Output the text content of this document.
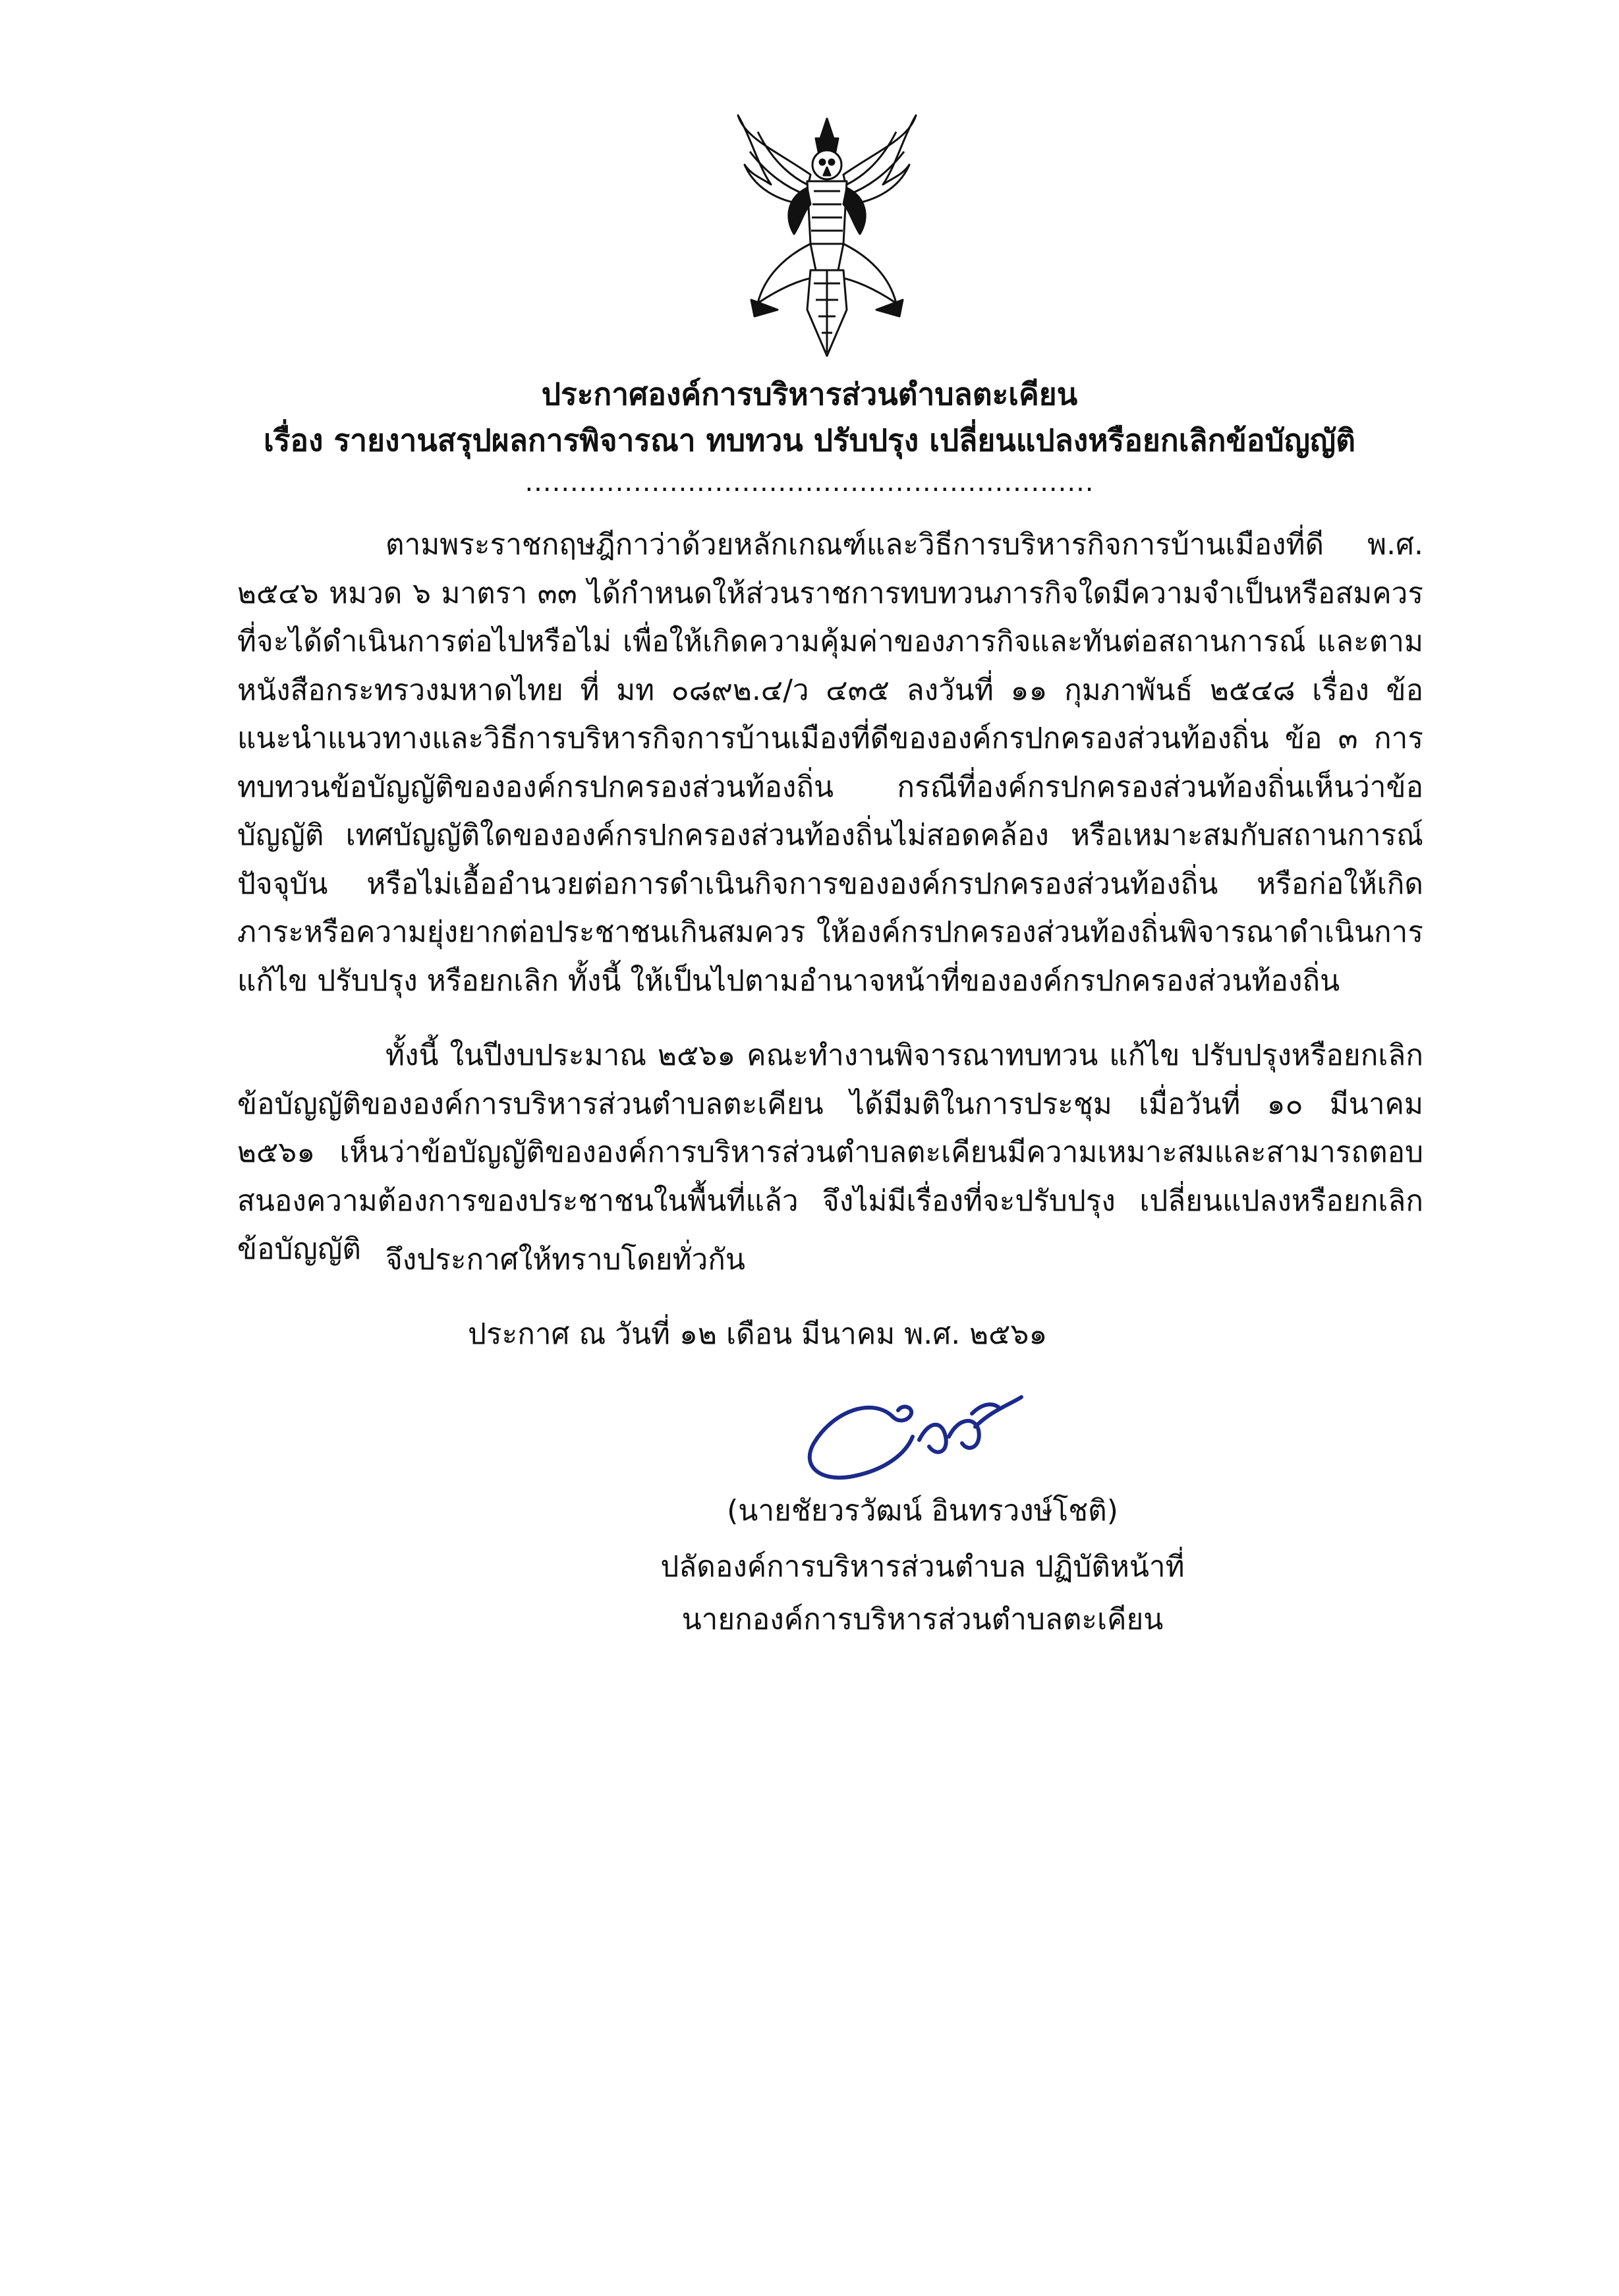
ประกาศองค์การบริหารส่วนตำบลตะเคียน
เรื่อง รายงานสรุปผลการพิจารณา ทบทวน ปรับปรุง เปลี่ยนแปลงหรือยกเลิกข้อบัญญัติ
...............................................................
ตามพระราชกฤษฎีกาว่าด้วยหลักเกณฑ์และวิธีการบริหารกิจการบ้านเมืองที่ดี พ.ศ. ๒๕๔๖ หมวด ๖ มาตรา ๓๓ ได้กำหนดให้ส่วนราชการทบทวนภารกิจใดมีความจำเป็นหรือสมควรที่จะได้ดำเนินการต่อไปหรือไม่ เพื่อให้เกิดความคุ้มค่าของภารกิจและทันต่อสถานการณ์ และตามหนังสือกระทรวงมหาดไทย ที่ มท ๐๘๙๒.๔/ว ๔๓๕ ลงวันที่ ๑๑ กุมภาพันธ์ ๒๕๔๘ เรื่อง ข้อแนะนำแนวทางและวิธีการบริหารกิจการบ้านเมืองที่ดีขององค์กรปกครองส่วนท้องถิ่น ข้อ ๓ การทบทวนข้อบัญญัติขององค์กรปกครองส่วนท้องถิ่น กรณีที่องค์กรปกครองส่วนท้องถิ่นเห็นว่าข้อบัญญัติ เทศบัญญัติใดขององค์กรปกครองส่วนท้องถิ่นไม่สอดคล้อง หรือเหมาะสมกับสถานการณ์ปัจจุบัน หรือไม่เอื้ออำนวยต่อการดำเนินกิจการขององค์กรปกครองส่วนท้องถิ่น หรือก่อให้เกิดภาระหรือความยุ่งยากต่อประชาชนเกินสมควร ให้องค์กรปกครองส่วนท้องถิ่นพิจารณาดำเนินการแก้ไข ปรับปรุง หรือยกเลิก ทั้งนี้ ให้เป็นไปตามอำนาจหน้าที่ขององค์กรปกครองส่วนท้องถิ่น
ทั้งนี้ ในปีงบประมาณ ๒๕๖๑ คณะทำงานพิจารณาทบทวน แก้ไข ปรับปรุงหรือยกเลิกข้อบัญญัติขององค์การบริหารส่วนตำบลตะเคียน ได้มีมติในการประชุม เมื่อวันที่ ๑๐ มีนาคม ๒๕๖๑ เห็นว่าข้อบัญญัติขององค์การบริหารส่วนตำบลตะเคียนมีความเหมาะสมและสามารถตอบสนองความต้องการของประชาชนในพื้นที่แล้ว จึงไม่มีเรื่องที่จะปรับปรุง เปลี่ยนแปลงหรือยกเลิกข้อบัญญัติ จึงประกาศให้ทราบโดยทั่วกัน
ประกาศ ณ วันที่ ๑๒ เดือน มีนาคม พ.ศ. ๒๕๖๑
(นายชัยวรวัฒน์ อินทรวงษ์โชติ)
ปลัดองค์การบริหารส่วนตำบล ปฏิบัติหน้าที่
นายกองค์การบริหารส่วนตำบลตะเคียน
